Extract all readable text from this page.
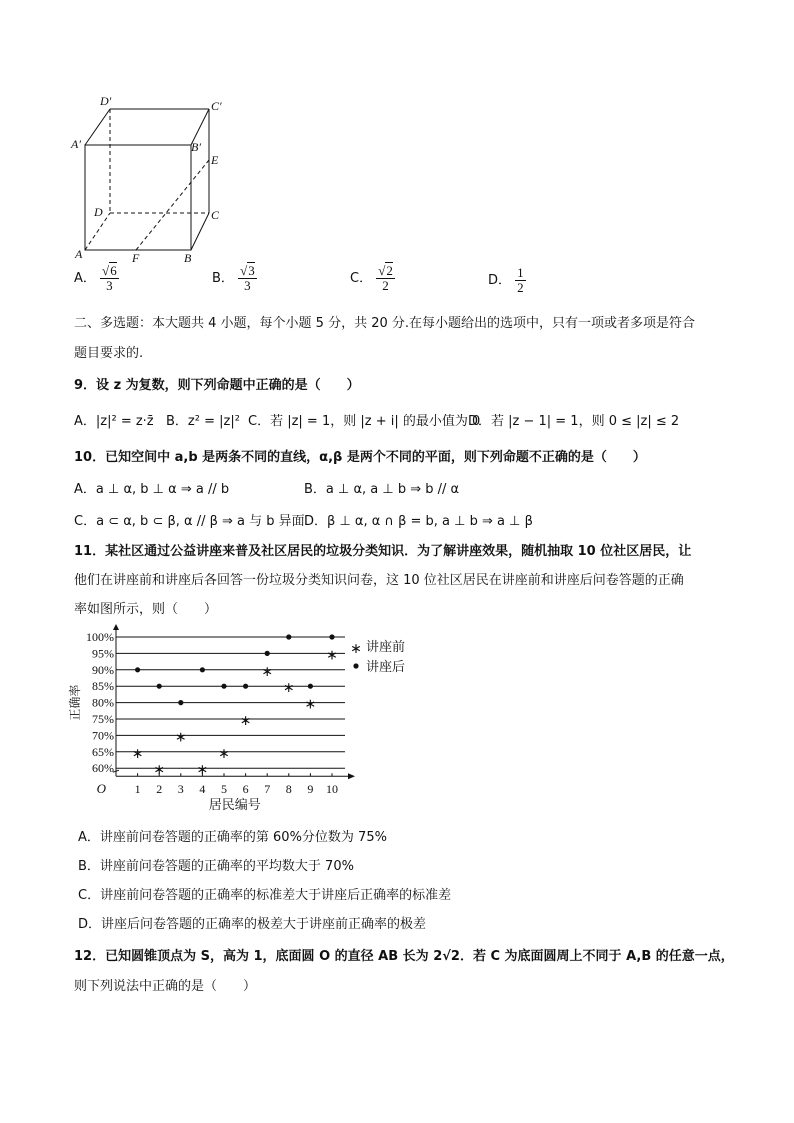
D′	C′
A′	B′
E
D	C
A	F	B
A． $\frac{√6}{3}$	B． $\frac{√3}{3}$	C． $\frac{√2}{2}$	D． $\frac{1}{2}$
二、多选题：本大题共 4 小题，每个小题 5 分，共 20 分.在每小题给出的选项中，只有一项或者多项是符合
题目要求的.
9．设 z 为复数，则下列命题中正确的是（　　）
A．|z|² = z·z̄ B．z² = |z|² C．若 |z| = 1，则 |z + i| 的最小值为 0
D．若 |z − 1| = 1，则 0 ≤ |z| ≤ 2
10．已知空间中 a,b 是两条不同的直线，α,β 是两个不同的平面，则下列命题不正确的是（　　）
A．a ⊥ α, b ⊥ α ⇒ a // b	B．a ⊥ α, a ⊥ b ⇒ b // α
C．a ⊂ α, b ⊂ β, α // β ⇒ a 与 b 异面 D．β ⊥ α, α ∩ β = b, a ⊥ b ⇒ a ⊥ β
11．某社区通过公益讲座来普及社区居民的垃圾分类知识．为了解讲座效果，随机抽取 10 位社区居民，让
他们在讲座前和讲座后各回答一份垃圾分类知识问卷，这 10 位社区居民在讲座前和讲座后问卷答题的正确
率如图所示，则（　　）
60%
65%
70%
75%
80%
85%
90%
95%
100%
1 2 3 4 5 6 7 8 9 10
O
居民编号
正确率
∗
∗
∗
∗
∗
∗
∗
∗
∗
∗ ∗ 讲座前
讲座后
A．讲座前问卷答题的正确率的第 60%分位数为 75%
B．讲座前问卷答题的正确率的平均数大于 70%
C．讲座前问卷答题的正确率的标准差大于讲座后正确率的标准差
D．讲座后问卷答题的正确率的极差大于讲座前正确率的极差
12．已知圆锥顶点为 S，高为 1，底面圆 O 的直径 AB 长为 2√2．若 C 为底面圆周上不同于 A,B 的任意一点，
则下列说法中正确的是（　　）
